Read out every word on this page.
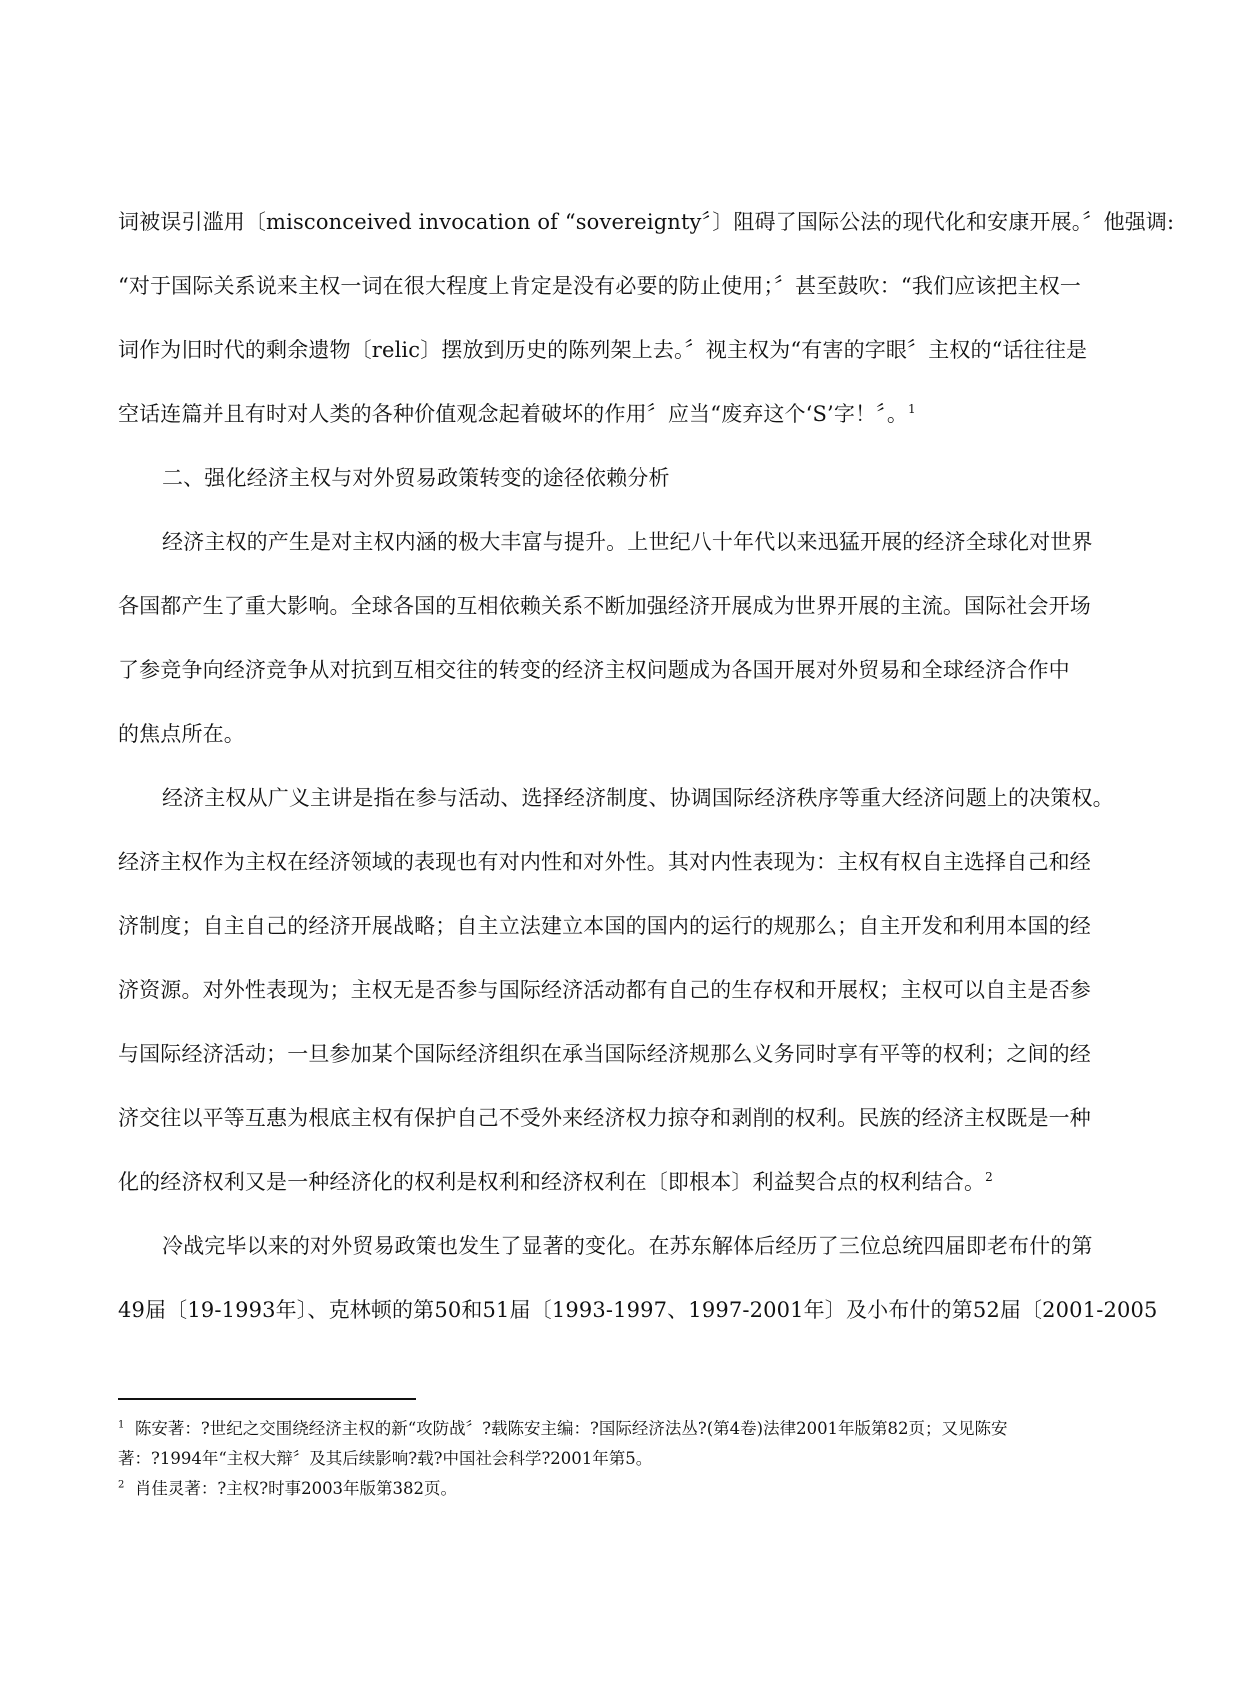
词被误引滥用〔misconceived invocation of “sovereignty〞〕阻碍了国际公法的现代化和安康开展。〞他强调:
“对于国际关系说来主权一词在很大程度上肯定是没有必要的防止使用；〞甚至鼓吹：“我们应该把主权一
词作为旧时代的剩余遗物〔relic〕摆放到历史的陈列架上去。〞视主权为“有害的字眼〞主权的“话往往是
空话连篇并且有时对人类的各种价值观念起着破坏的作用〞应当“废弃这个‘S’字！〞。$^1$
二、强化经济主权与对外贸易政策转变的途径依赖分析
经济主权的产生是对主权内涵的极大丰富与提升。上世纪八十年代以来迅猛开展的经济全球化对世界
各国都产生了重大影响。全球各国的互相依赖关系不断加强经济开展成为世界开展的主流。国际社会开场
了参竞争向经济竞争从对抗到互相交往的转变的经济主权问题成为各国开展对外贸易和全球经济合作中
的焦点所在。
经济主权从广义主讲是指在参与活动、选择经济制度、协调国际经济秩序等重大经济问题上的决策权。
经济主权作为主权在经济领域的表现也有对内性和对外性。其对内性表现为：主权有权自主选择自己和经
济制度；自主自己的经济开展战略；自主立法建立本国的国内的运行的规那么；自主开发和利用本国的经
济资源。对外性表现为；主权无是否参与国际经济活动都有自己的生存权和开展权；主权可以自主是否参
与国际经济活动；一旦参加某个国际经济组织在承当国际经济规那么义务同时享有平等的权利；之间的经
济交往以平等互惠为根底主权有保护自己不受外来经济权力掠夺和剥削的权利。民族的经济主权既是一种
化的经济权利又是一种经济化的权利是权利和经济权利在〔即根本〕利益契合点的权利结合。$^2$
冷战完毕以来的对外贸易政策也发生了显著的变化。在苏东解体后经历了三位总统四届即老布什的第
49届〔19-1993年〕、克林顿的第50和51届〔1993-1997、1997-2001年〕及小布什的第52届〔2001-2005
$^1$ 陈安著：?世纪之交围绕经济主权的新“攻防战〞?载陈安主编：?国际经济法丛?(第4卷)法律2001年版第82页；又见陈安
著：?1994年“主权大辩〞及其后续影响?载?中国社会科学?2001年第5。
$^2$ 肖佳灵著：?主权?时事2003年版第382页。
